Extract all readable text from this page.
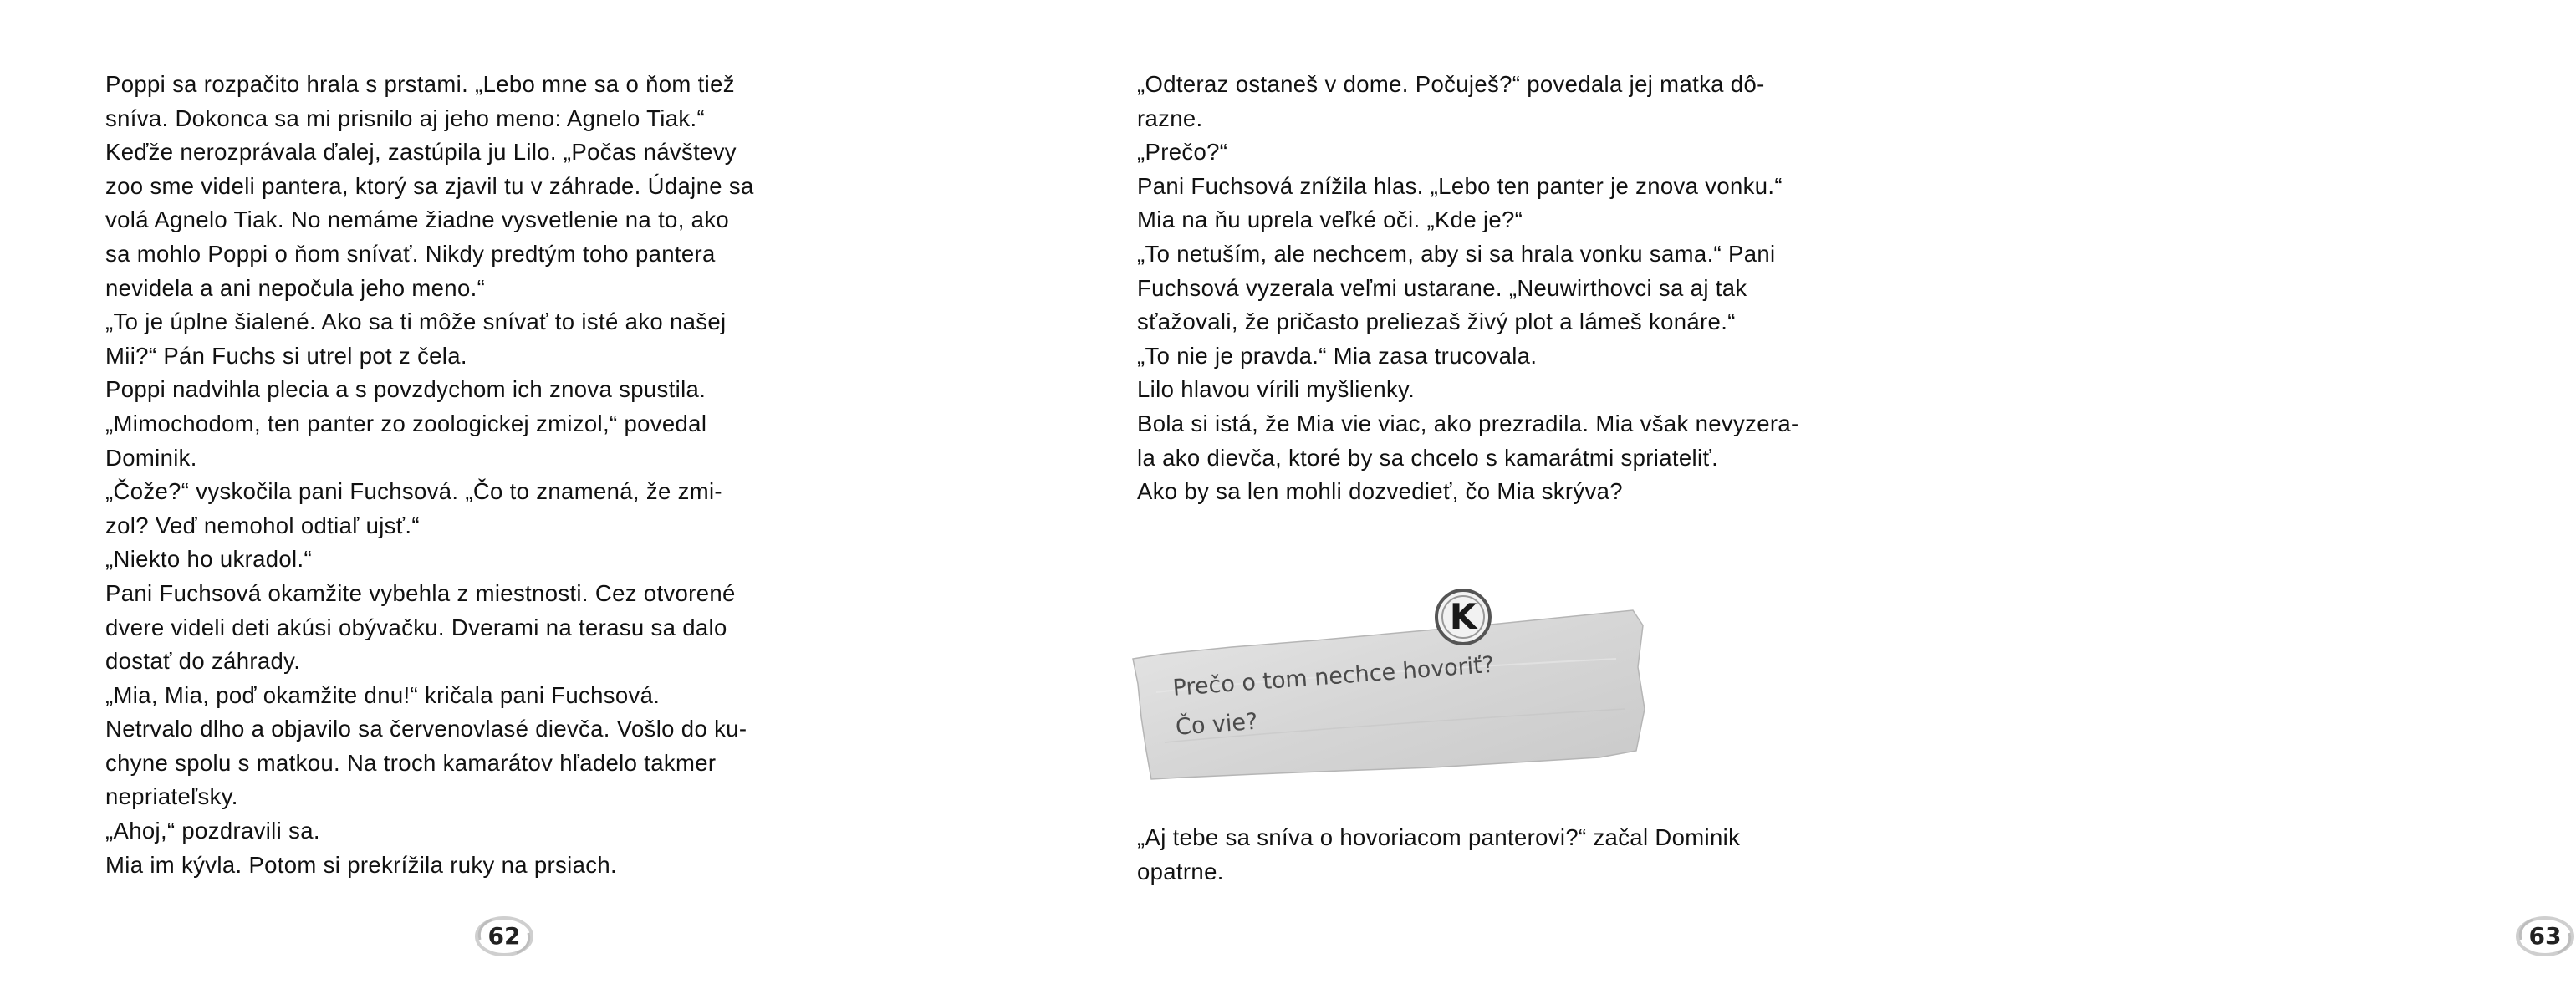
Poppi sa rozpačito hrala s prstami. „Lebo mne sa o ňom tiež
sníva. Dokonca sa mi prisnilo aj jeho meno: Agnelo Tiak.“
Keďže nerozprávala ďalej, zastúpila ju Lilo. „Počas návštevy
zoo sme videli pantera, ktorý sa zjavil tu v záhrade. Údajne sa
volá Agnelo Tiak. No nemáme žiadne vysvetlenie na to, ako
sa mohlo Poppi o ňom snívať. Nikdy predtým toho pantera
nevidela a ani nepočula jeho meno.“
„To je úplne šialené. Ako sa ti môže snívať to isté ako našej
Mii?“ Pán Fuchs si utrel pot z čela.
Poppi nadvihla plecia a s povzdychom ich znova spustila.
„Mimochodom, ten panter zo zoologickej zmizol,“ povedal
Dominik.
„Čože?“ vyskočila pani Fuchsová. „Čo to znamená, že zmi-
zol? Veď nemohol odtiaľ ujsť.“
„Niekto ho ukradol.“
Pani Fuchsová okamžite vybehla z miestnosti. Cez otvorené
dvere videli deti akúsi obývačku. Dverami na terasu sa dalo
dostať do záhrady.
„Mia, Mia, poď okamžite dnu!“ kričala pani Fuchsová.
Netrvalo dlho a objavilo sa červenovlasé dievča. Vošlo do ku-
chyne spolu s matkou. Na troch kamarátov hľadelo takmer
nepriateľsky.
„Ahoj,“ pozdravili sa.
Mia im kývla. Potom si prekrížila ruky na prsiach.
62
„Odteraz ostaneš v dome. Počuješ?“ povedala jej matka dô-
razne.
„Prečo?“
Pani Fuchsová znížila hlas. „Lebo ten panter je znova vonku.“
Mia na ňu uprela veľké oči. „Kde je?“
„To netuším, ale nechcem, aby si sa hrala vonku sama.“ Pani
Fuchsová vyzerala veľmi ustarane. „Neuwirthovci sa aj tak
sťažovali, že pričasto preliezaš živý plot a lámeš konáre.“
„To nie je pravda.“ Mia zasa trucovala.
Lilo hlavou vírili myšlienky.
Bola si istá, že Mia vie viac, ako prezradila. Mia však nevyzera-
la ako dievča, ktoré by sa chcelo s kamarátmi spriateliť.
Ako by sa len mohli dozvedieť, čo Mia skrýva?
K
Prečo o tom nechce hovoriť?
Čo vie?
„Aj tebe sa sníva o hovoriacom panterovi?“ začal Dominik
opatrne.
63
